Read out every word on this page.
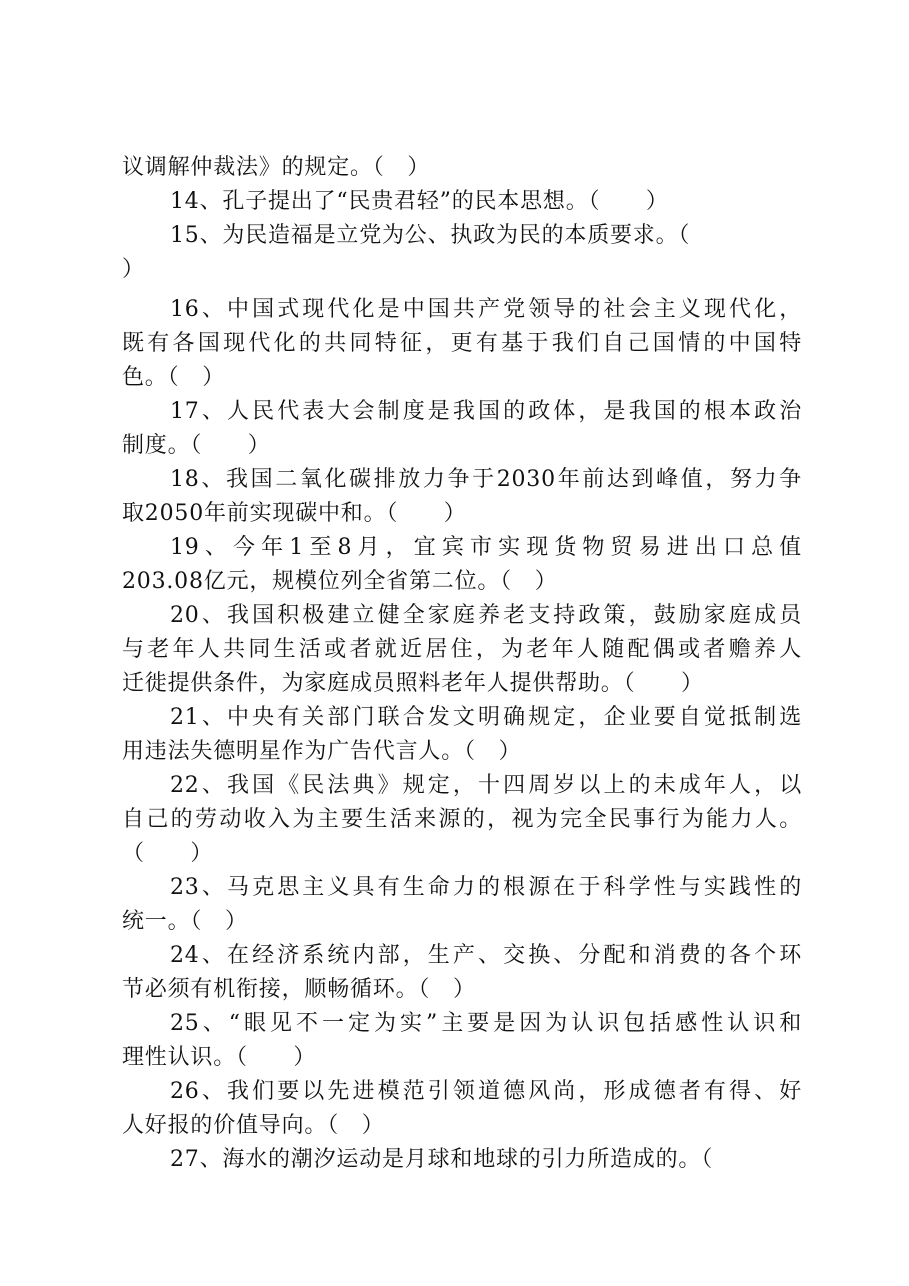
议调解仲裁法》的规定。（　）
14、孔子提出了“民贵君轻”的民本思想。（　　）
15、为民造福是立党为公、执政为民的本质要求。（
）
16、中国式现代化是中国共产党领导的社会主义现代化，
既有各国现代化的共同特征，更有基于我们自己国情的中国特
色。（　）
17、人民代表大会制度是我国的政体，是我国的根本政治
制度。（　　）
18、我国二氧化碳排放力争于2030年前达到峰值，努力争
取2050年前实现碳中和。（　　）
19、今年1至8月，宜宾市实现货物贸易进出口总值
203.08亿元，规模位列全省第二位。（　）
20、我国积极建立健全家庭养老支持政策，鼓励家庭成员
与老年人共同生活或者就近居住，为老年人随配偶或者赡养人
迁徙提供条件，为家庭成员照料老年人提供帮助。（　　）
21、中央有关部门联合发文明确规定，企业要自觉抵制选
用违法失德明星作为广告代言人。（　）
22、我国《民法典》规定，十四周岁以上的未成年人，以
自己的劳动收入为主要生活来源的，视为完全民事行为能力人。
（　　）
23、马克思主义具有生命力的根源在于科学性与实践性的
统一。（　）
24、在经济系统内部，生产、交换、分配和消费的各个环
节必须有机衔接，顺畅循环。（　）
25、“眼见不一定为实”主要是因为认识包括感性认识和
理性认识。（　　）
26、我们要以先进模范引领道德风尚，形成德者有得、好
人好报的价值导向。（　）
27、海水的潮汐运动是月球和地球的引力所造成的。（
